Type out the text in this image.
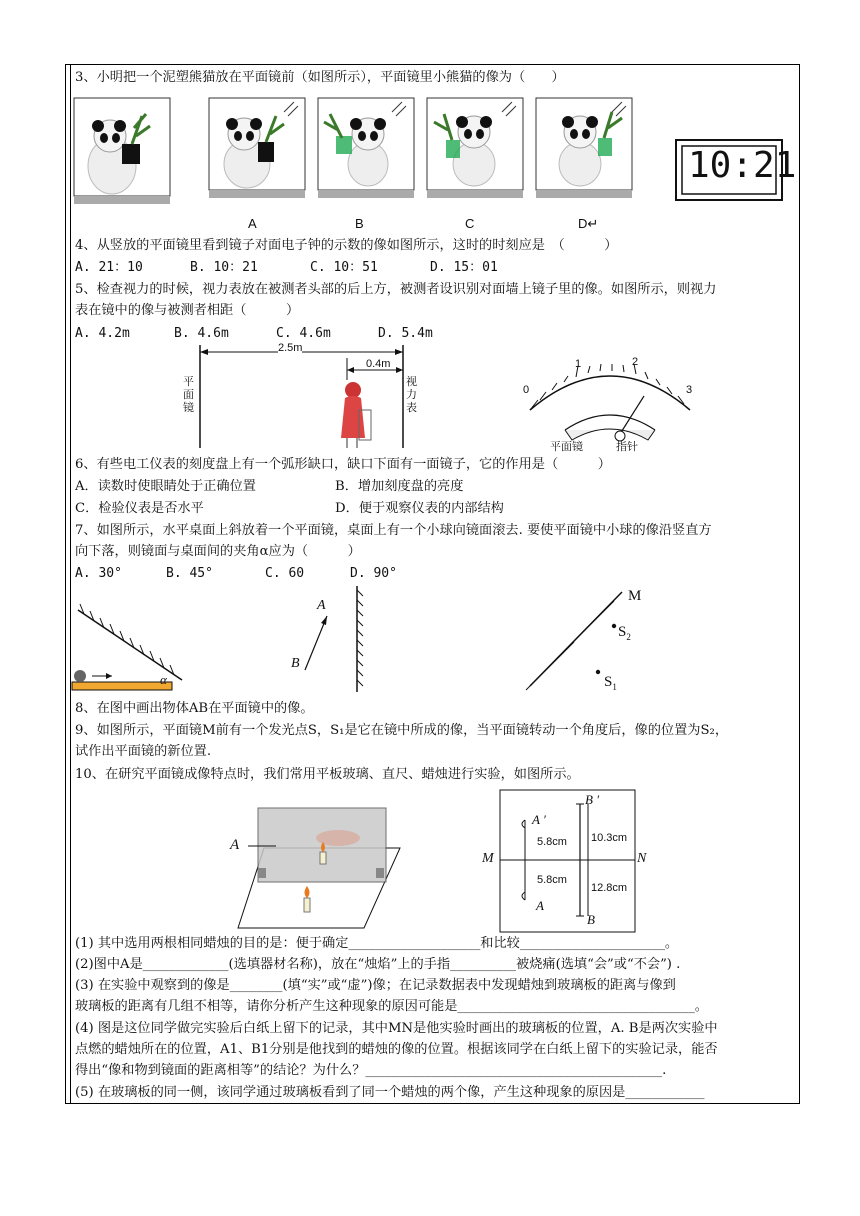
3、小明把一个泥塑熊猫放在平面镜前（如图所示），平面镜里小熊猫的像为（　　）
10:21
A	B	C	D↵
4、从竖放的平面镜里看到镜子对面电子钟的示数的像如图所示，这时的时刻应是　（　　　）
A. 21：10	B. 10：21	C. 10：51	D. 15：01
5、检查视力的时候，视力表放在被测者头部的后上方，被测者设识别对面墙上镜子里的像。如图所示，则视力
表在镜中的像与被测者相距（　　　）
A. 4.2m	B. 4.6m	C. 4.6m	D. 5.4m
2.5m
0.4m
平面镜
视力表
0
1	2
3
平面镜	指针
6、有些电工仪表的刻度盘上有一个弧形缺口，缺口下面有一面镜子，它的作用是（　　　）
A．读数时使眼睛处于正确位置	B．增加刻度盘的亮度
C．检验仪表是否水平	D．便于观察仪表的内部结构
7、如图所示，水平桌面上斜放着一个平面镜，桌面上有一个小球向镜面滚去. 要使平面镜中小球的像沿竖直方
向下落，则镜面与桌面间的夹角α应为（　　　）
A. 30°	B. 45°	C. 60	D. 90°
α
A
B
M
$S_2$
$S_1$
8、在图中画出物体AB在平面镜中的像。
9、如图所示，平面镜M前有一个发光点S，S₁是它在镜中所成的像，当平面镜转动一个角度后，像的位置为S₂，
试作出平面镜的新位置.
10、在研究平面镜成像特点时，我们常用平板玻璃、直尺、蜡烛进行实验，如图所示。
A
A ′
B ′
A
B
M	N
5.8cm 10.3cm
5.8cm
12.8cm
(1) 其中选用两根相同蜡烛的目的是：便于确定____________________和比较______________________。
(2)图中A是_____________(选填器材名称)，放在“烛焰”上的手指__________被烧痛(选填“会”或“不会”) .
(3) 在实验中观察到的像是________(填“实”或“虚”)像；在记录数据表中发现蜡烛到玻璃板的距离与像到
玻璃板的距离有几组不相等，请你分析产生这种现象的原因可能是____________________________________。
(4) 图是这位同学做完实验后白纸上留下的记录，其中MN是他实验时画出的玻璃板的位置，A. B是两次实验中
点燃的蜡烛所在的位置，A1、B1分别是他找到的蜡烛的像的位置。根据该同学在白纸上留下的实验记录，能否
得出“像和物到镜面的距离相等”的结论？为什么？_____________________________________________.
(5) 在玻璃板的同一侧，该同学通过玻璃板看到了同一个蜡烛的两个像，产生这种现象的原因是____________
